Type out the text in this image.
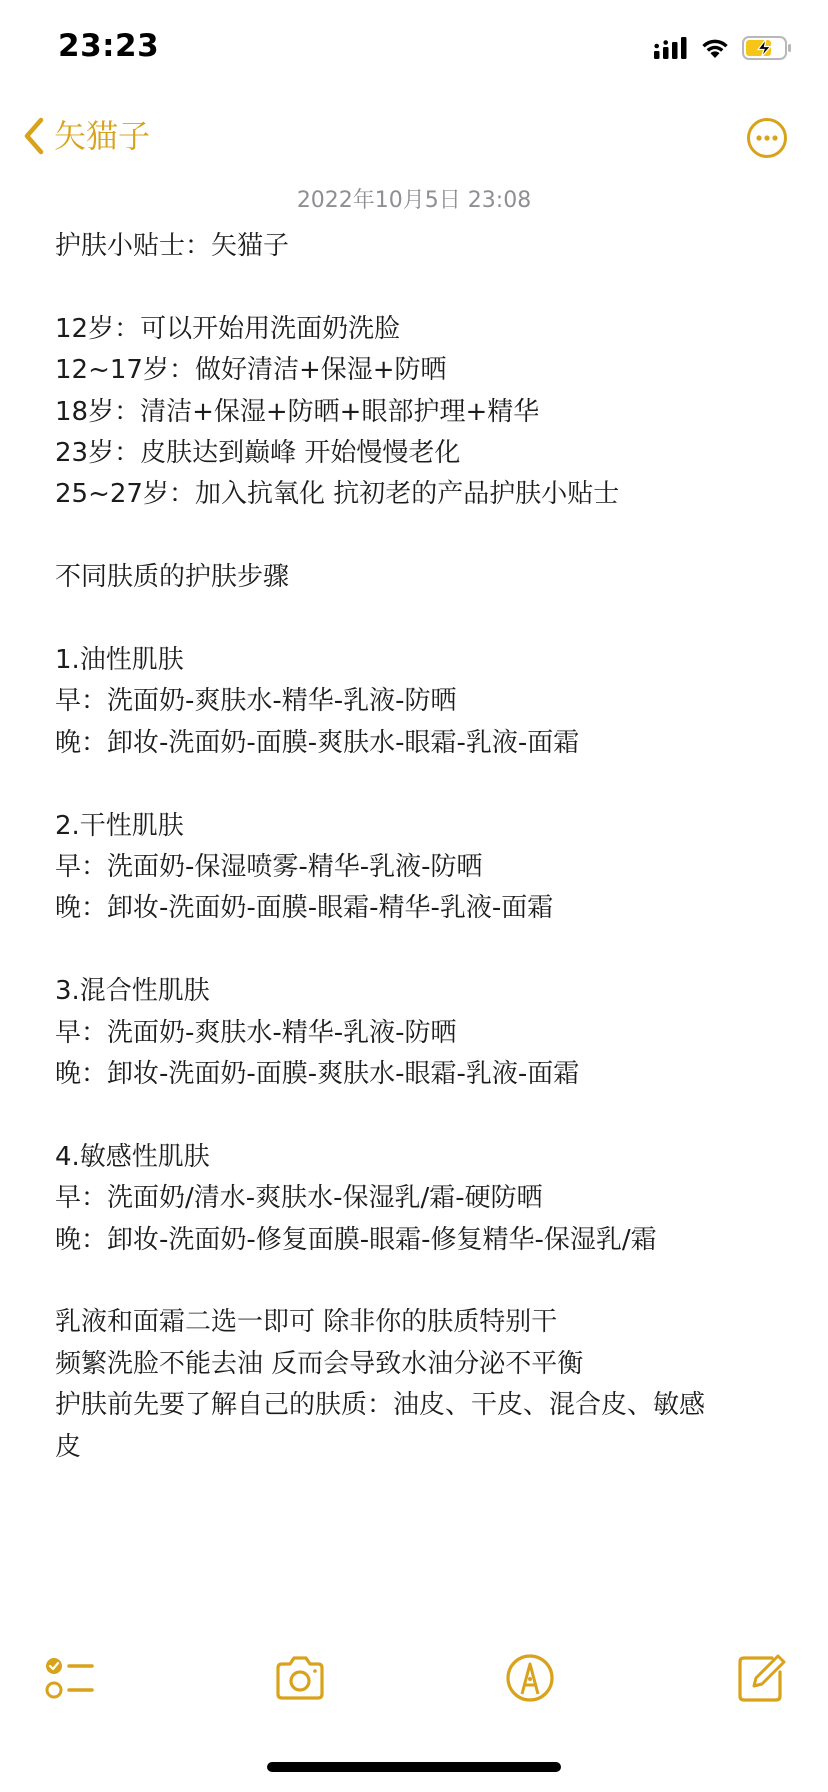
23:23
矢猫子
2022年10月5日 23:08
护肤小贴士：矢猫子
12岁：可以开始用洗面奶洗脸
12~17岁：做好清洁+保湿+防晒
18岁：清洁+保湿+防晒+眼部护理+精华
23岁：皮肤达到巅峰 开始慢慢老化
25~27岁：加入抗氧化 抗初老的产品护肤小贴士
不同肤质的护肤步骤
1.油性肌肤
早：洗面奶-爽肤水-精华-乳液-防晒
晚：卸妆-洗面奶-面膜-爽肤水-眼霜-乳液-面霜
2.干性肌肤
早：洗面奶-保湿喷雾-精华-乳液-防晒
晚：卸妆-洗面奶-面膜-眼霜-精华-乳液-面霜
3.混合性肌肤
早：洗面奶-爽肤水-精华-乳液-防晒
晚：卸妆-洗面奶-面膜-爽肤水-眼霜-乳液-面霜
4.敏感性肌肤
早：洗面奶/清水-爽肤水-保湿乳/霜-硬防晒
晚：卸妆-洗面奶-修复面膜-眼霜-修复精华-保湿乳/霜
乳液和面霜二选一即可 除非你的肤质特别干
频繁洗脸不能去油 反而会导致水油分泌不平衡
护肤前先要了解自己的肤质：油皮、干皮、混合皮、敏感
皮
